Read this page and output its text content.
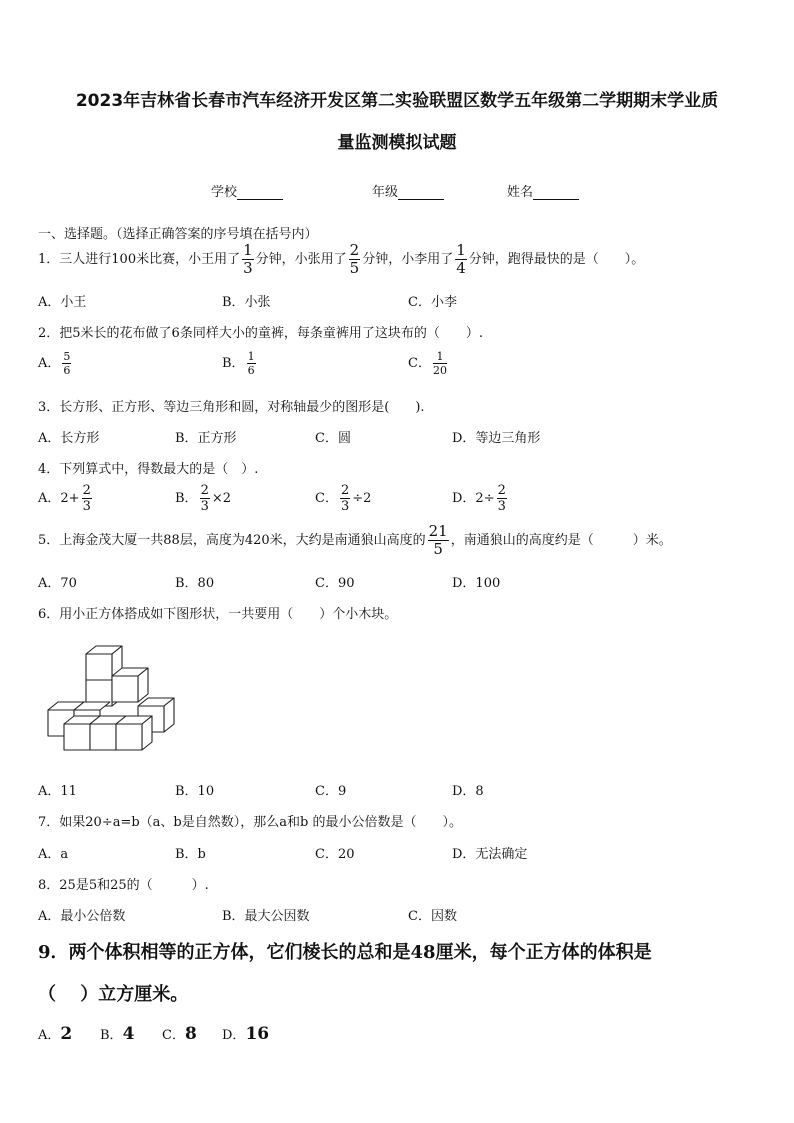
2023年吉林省长春市汽车经济开发区第二实验联盟区数学五年级第二学期期末学业质
量监测模拟试题
学校	年级	姓名
一、选择题。（选择正确答案的序号填在括号内）
1．三人进行100米比赛，小王用了 $\frac{1}{3}$ 分钟，小张用了 $\frac{2}{5}$ 分钟，小李用了 $\frac{1}{4}$ 分钟，跑得最快的是（　　）。
A．小王	B．小张	C．小李
2．把5米长的花布做了6条同样大小的童裤，每条童裤用了这块布的（　　）.
A． $\frac{5}{6}$	B． $\frac{1}{6}$	C． $\frac{1}{20}$
3．长方形、正方形、等边三角形和圆，对称轴最少的图形是(　　).
A．长方形	B．正方形	C．圆	D．等边三角形
4．下列算式中，得数最大的是（　）.
A．$2+ \frac{2}{3}$	B． $\frac{2}{3} \times 2$	C． $\frac{2}{3} \div 2$	D．$2\div \frac{2}{3}$
5．上海金茂大厦一共88层，高度为420米，大约是南通狼山高度的 $\frac{21}{5}$ ，南通狼山的高度约是（　　　）米。
A．70	B．80	C．90	D．100
6．用小正方体搭成如下图形状，一共要用（　　）个小木块。
A．11	B．10	C．9	D．8
7．如果20÷a=b（a、b是自然数），那么a和b 的最小公倍数是（　　）。
A．a	B．b	C．20	D．无法确定
8．25是5和25的（　　　）.
A．最小公倍数	B．最大公因数	C．因数
9．两个体积相等的正方体，它们棱长的总和是48厘米，每个正方体的体积是
（　 ）立方厘米。
A．2 B．4 C．8 D．16
